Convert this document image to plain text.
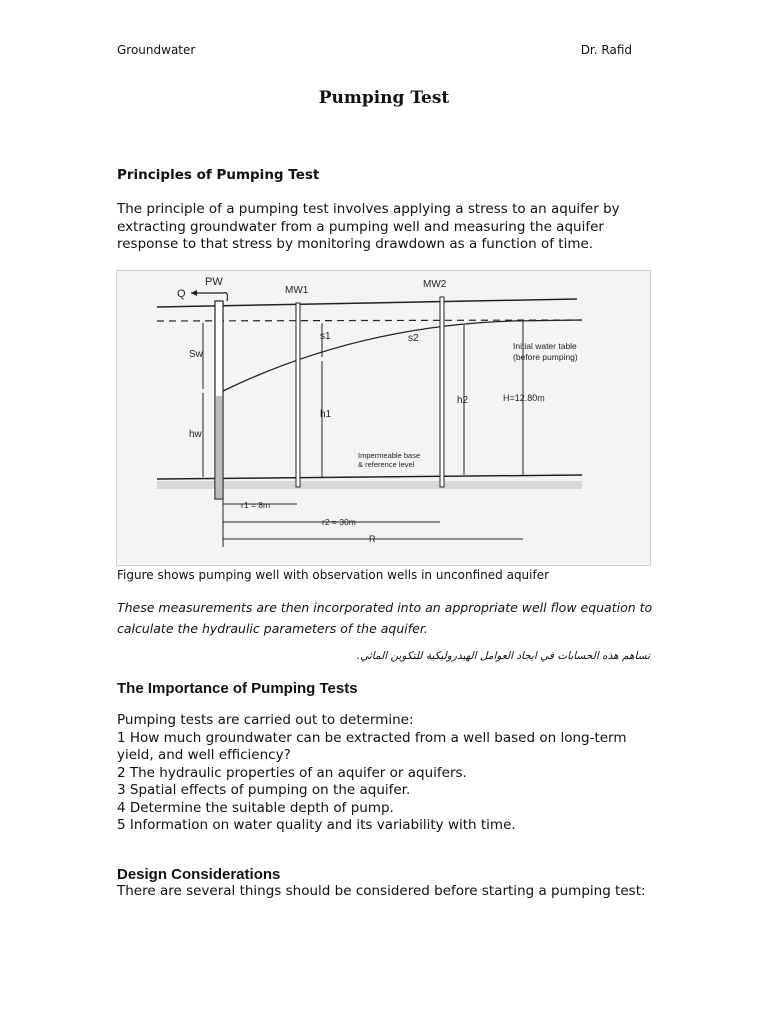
Groundwater	Dr. Rafid
Pumping Test
Principles of Pumping Test
The principle of a pumping test involves applying a stress to an aquifer by
extracting groundwater from a pumping well and measuring the aquifer
response to that stress by monitoring drawdown as a function of time.
PW
Q	MW1
MW2
s1	s2
Sw
hw
h1
h2
Initial water table
(before pumping)
H=12.80m
Impermeable base
& reference level
r1 = 8m
r2 = 30m
R
Figure shows pumping well with observation wells in unconfined aquifer
These measurements are then incorporated into an appropriate well flow equation to
calculate the hydraulic parameters of the aquifer.
تساهم هذه الحسابات في ايجاد العوامل الهيدروليكية للتكوين المائي.
The Importance of Pumping Tests
Pumping tests are carried out to determine:
1 How much groundwater can be extracted from a well based on long-term
yield, and well efficiency?
2 The hydraulic properties of an aquifer or aquifers.
3 Spatial effects of pumping on the aquifer.
4 Determine the suitable depth of pump.
5 Information on water quality and its variability with time.
Design Considerations
There are several things should be considered before starting a pumping test:
